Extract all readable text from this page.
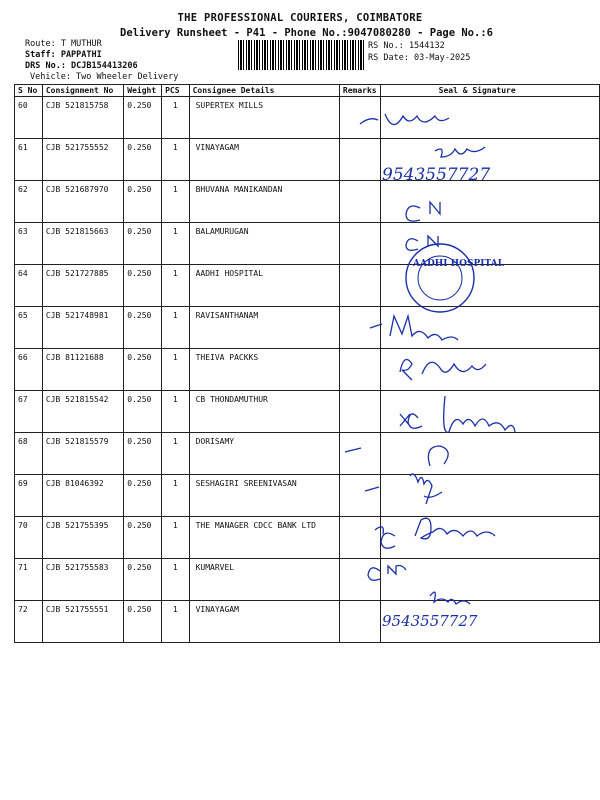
THE PROFESSIONAL COURIERS, COIMBATORE
Delivery Runsheet - P41 - Phone No.:9047080280 - Page No.:6
Route: T MUTHUR
Staff: PAPPATHI
DRS No.: DCJB154413206
Vehicle: Two Wheeler Delivery
RS No.: 1544132
RS Date: 03-May-2025
S No	Consignment No	Weight	PCS	Consignee Details	Remarks	Seal & Signature
60	CJB 521815758	0.250	1	SUPERTEX MILLS		
61	CJB 521755552	0.250	1	VINAYAGAM		
62	CJB 521687970	0.250	1	BHUVANA MANIKANDAN		
63	CJB 521815663	0.250	1	BALAMURUGAN		
64	CJB 521727885	0.250	1	AADHI HOSPITAL		
65	CJB 521748981	0.250	1	RAVISANTHANAM		
66	CJB 81121688	0.250	1	THEIVA PACKKS		
67	CJB 521815542	0.250	1	CB THONDAMUTHUR		
68	CJB 521815579	0.250	1	DORISAMY		
69	CJB 81046392	0.250	1	SESHAGIRI SREENIVASAN		
70	CJB 521755395	0.250	1	THE MANAGER CDCC BANK LTD		
71	CJB 521755583	0.250	1	KUMARVEL		
72	CJB 521755551	0.250	1	VINAYAGAM		
9543557727
AADHI HOSPITAL
9543557727
